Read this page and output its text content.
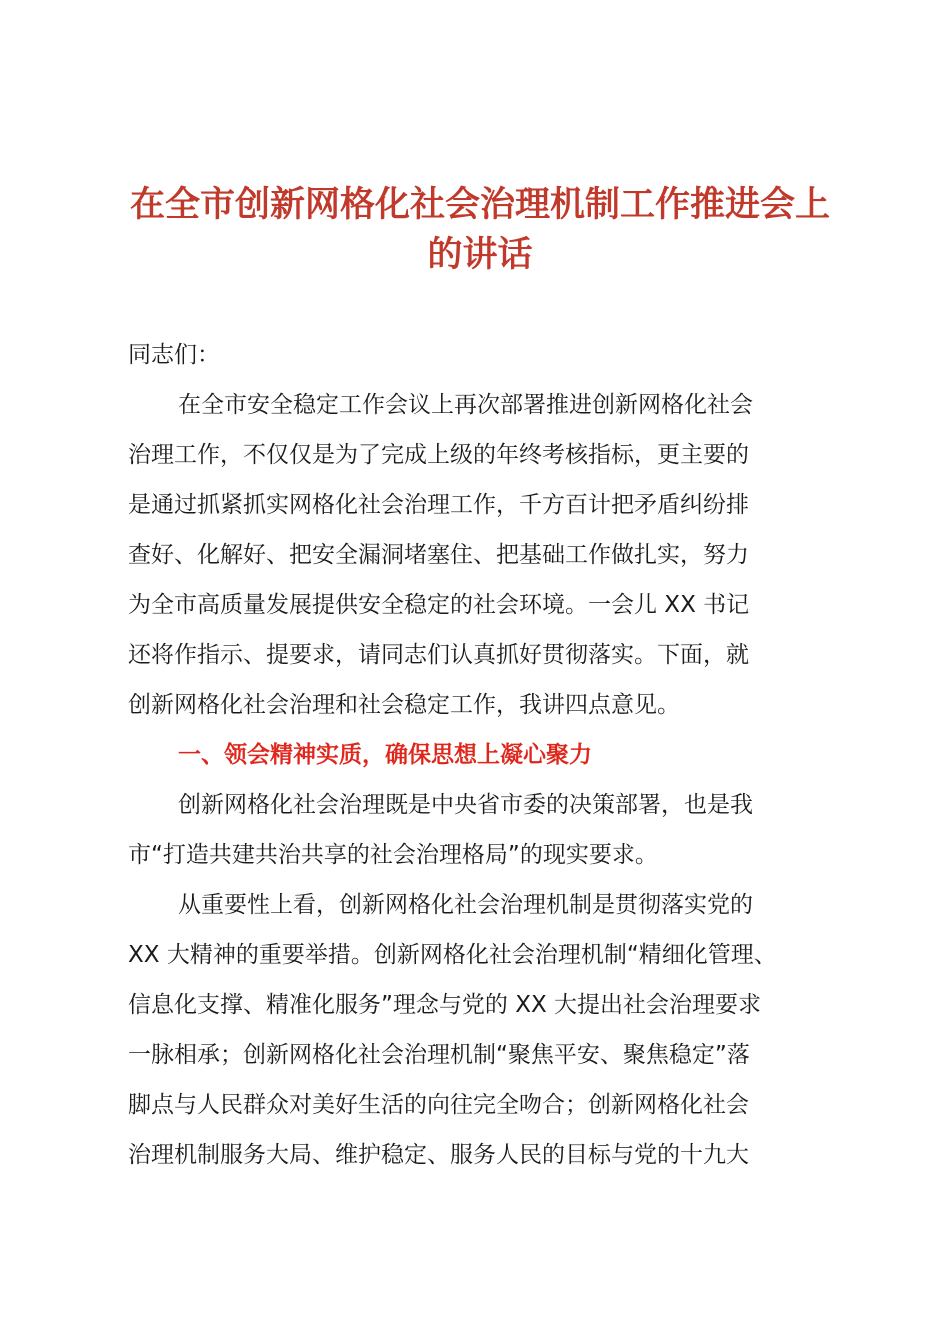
在全市创新网格化社会治理机制工作推进会上
的讲话
同志们：
在全市安全稳定工作会议上再次部署推进创新网格化社会
治理工作，不仅仅是为了完成上级的年终考核指标，更主要的
是通过抓紧抓实网格化社会治理工作，千方百计把矛盾纠纷排
查好、化解好、把安全漏洞堵塞住、把基础工作做扎实，努力
为全市高质量发展提供安全稳定的社会环境。一会儿 XX 书记
还将作指示、提要求，请同志们认真抓好贯彻落实。下面，就
创新网格化社会治理和社会稳定工作，我讲四点意见。
一、领会精神实质，确保思想上凝心聚力
创新网格化社会治理既是中央省市委的决策部署，也是我
市“打造共建共治共享的社会治理格局”的现实要求。
从重要性上看，创新网格化社会治理机制是贯彻落实党的
XX 大精神的重要举措。创新网格化社会治理机制“精细化管理、
信息化支撑、精准化服务”理念与党的 XX 大提出社会治理要求
一脉相承；创新网格化社会治理机制“聚焦平安、聚焦稳定”落
脚点与人民群众对美好生活的向往完全吻合；创新网格化社会
治理机制服务大局、维护稳定、服务人民的目标与党的十九大
